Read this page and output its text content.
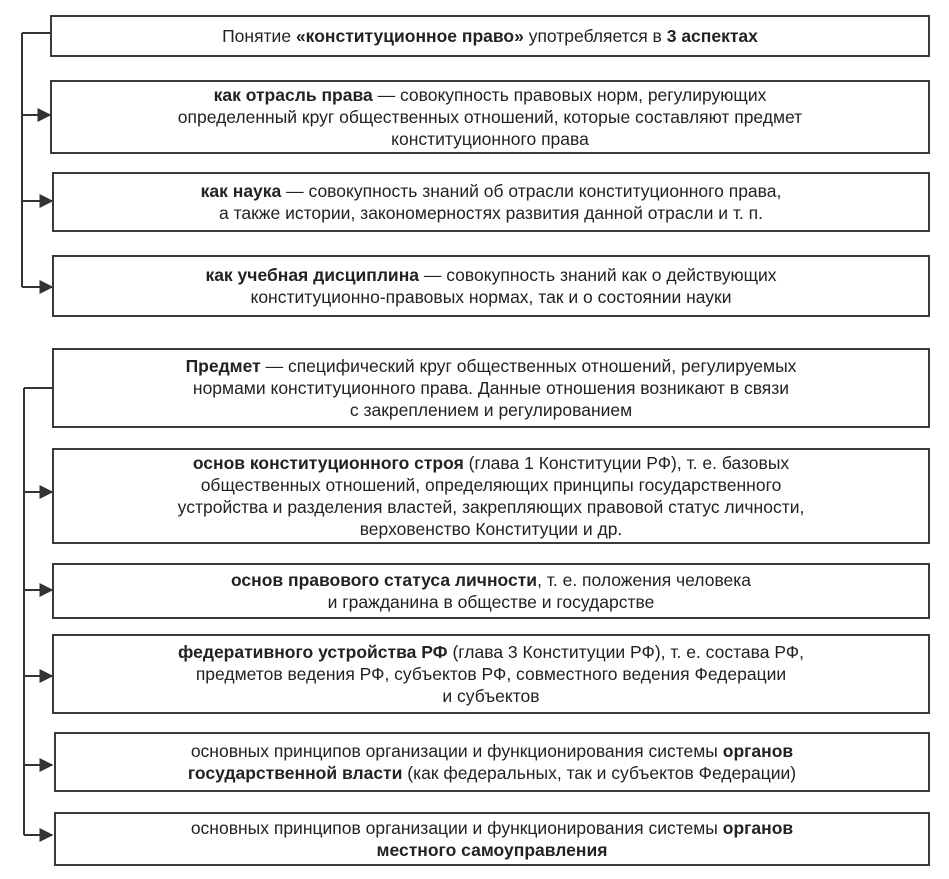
Понятие «конституционное право» употребляется в 3 аспектах
как отрасль права — совокупность правовых норм, регулирующих
определенный круг общественных отношений, которые составляют предмет
конституционного права
как наука — совокупность знаний об отрасли конституционного права,
а также истории, закономерностях развития данной отрасли и т. п.
как учебная дисциплина — совокупность знаний как о действующих
конституционно-правовых нормах, так и о состоянии науки
Предмет — специфический круг общественных отношений, регулируемых
нормами конституционного права. Данные отношения возникают в связи
с закреплением и регулированием
основ конституционного строя (глава 1 Конституции РФ), т. е. базовых
общественных отношений, определяющих принципы государственного
устройства и разделения властей, закрепляющих правовой статус личности,
верховенство Конституции и др.
основ правового статуса личности, т. е. положения человека
и гражданина в обществе и государстве
федеративного устройства РФ (глава 3 Конституции РФ), т. е. состава РФ,
предметов ведения РФ, субъектов РФ, совместного ведения Федерации
и субъектов
основных принципов организации и функционирования системы органов
государственной власти (как федеральных, так и субъектов Федерации)
основных принципов организации и функционирования системы органов
местного самоуправления
